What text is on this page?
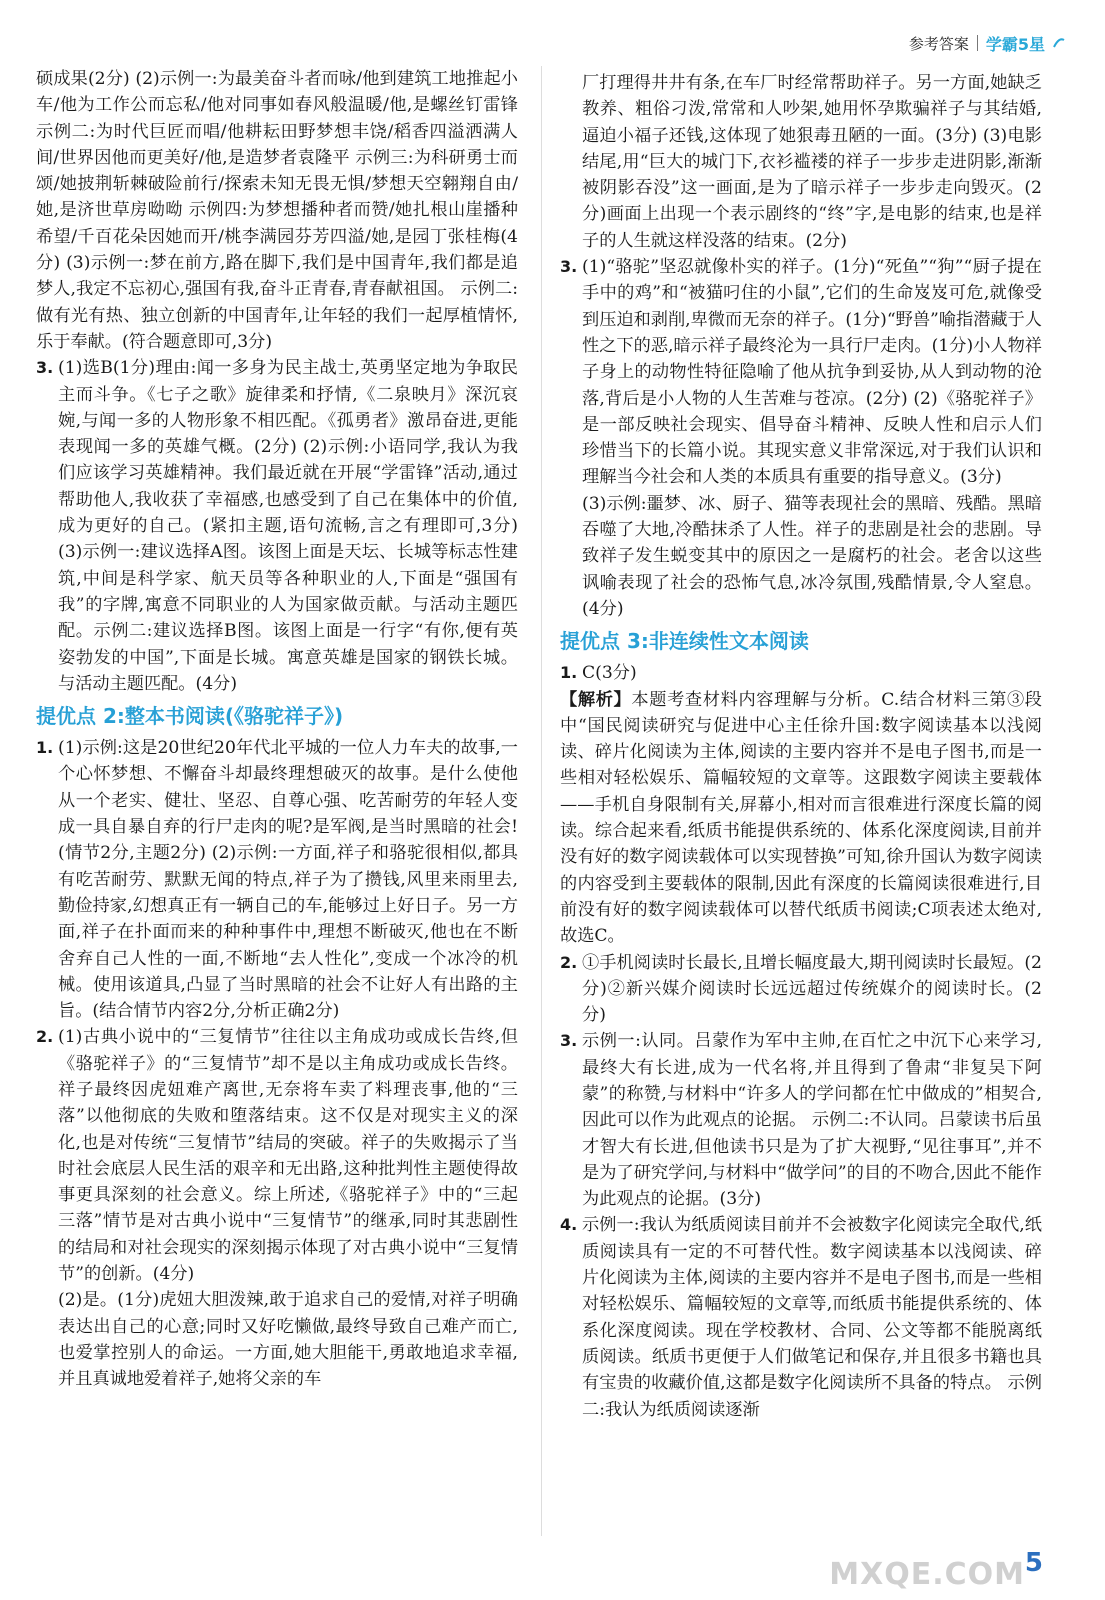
参考答案 学霸5星

硕成果(2分) (2)示例一:为最美奋斗者而咏/他到建筑工地推起小车/他为工作公而忘私/他对同事如春风般温暖/他,是螺丝钉雷锋 示例二:为时代巨匠而唱/他耕耘田野梦想丰饶/稻香四溢洒满人间/世界因他而更美好/他,是造梦者袁隆平 示例三:为科研勇士而颂/她披荆斩棘破险前行/探索未知无畏无惧/梦想天空翱翔自由/她,是济世草房呦呦 示例四:为梦想播种者而赞/她扎根山崖播种希望/千百花朵因她而开/桃李满园芬芳四溢/她,是园丁张桂梅(4分) (3)示例一:梦在前方,路在脚下,我们是中国青年,我们都是追梦人,我定不忘初心,强国有我,奋斗正青春,青春献祖国。 示例二:做有光有热、独立创新的中国青年,让年轻的我们一起厚植情怀,乐于奉献。(符合题意即可,3分)

3. (1)选B(1分)理由:闻一多身为民主战士,英勇坚定地为争取民主而斗争。《七子之歌》旋律柔和抒情,《二泉映月》深沉哀婉,与闻一多的人物形象不相匹配。《孤勇者》激昂奋进,更能表现闻一多的英雄气概。(2分) (2)示例:小语同学,我认为我们应该学习英雄精神。我们最近就在开展“学雷锋”活动,通过帮助他人,我收获了幸福感,也感受到了自己在集体中的价值,成为更好的自己。(紧扣主题,语句流畅,言之有理即可,3分) (3)示例一:建议选择A图。该图上面是天坛、长城等标志性建筑,中间是科学家、航天员等各种职业的人,下面是“强国有我”的字牌,寓意不同职业的人为国家做贡献。与活动主题匹配。示例二:建议选择B图。该图上面是一行字“有你,便有英姿勃发的中国”,下面是长城。寓意英雄是国家的钢铁长城。与活动主题匹配。(4分)

提优点 2:整本书阅读(《骆驼祥子》)
1. (1)示例:这是20世纪20年代北平城的一位人力车夫的故事,一个心怀梦想、不懈奋斗却最终理想破灭的故事。是什么使他从一个老实、健壮、坚忍、自尊心强、吃苦耐劳的年轻人变成一具自暴自弃的行尸走肉的呢?是军阀,是当时黑暗的社会!(情节2分,主题2分) (2)示例:一方面,祥子和骆驼很相似,都具有吃苦耐劳、默默无闻的特点,祥子为了攒钱,风里来雨里去,勤俭持家,幻想真正有一辆自己的车,能够过上好日子。另一方面,祥子在扑面而来的种种事件中,理想不断破灭,他也在不断舍弃自己人性的一面,不断地“去人性化”,变成一个冰冷的机械。使用该道具,凸显了当时黑暗的社会不让好人有出路的主旨。(结合情节内容2分,分析正确2分)

2. (1)古典小说中的“三复情节”往往以主角成功或成长告终,但《骆驼祥子》的“三复情节”却不是以主角成功或成长告终。祥子最终因虎妞难产离世,无奈将车卖了料理丧事,他的“三落”以他彻底的失败和堕落结束。这不仅是对现实主义的深化,也是对传统“三复情节”结局的突破。祥子的失败揭示了当时社会底层人民生活的艰辛和无出路,这种批判性主题使得故事更具深刻的社会意义。综上所述,《骆驼祥子》中的“三起三落”情节是对古典小说中“三复情节”的继承,同时其悲剧性的结局和对社会现实的深刻揭示体现了对古典小说中“三复情节”的创新。(4分)

(2)是。(1分)虎妞大胆泼辣,敢于追求自己的爱情,对祥子明确表达出自己的心意;同时又好吃懒做,最终导致自己难产而亡,也爱掌控别人的命运。一方面,她大胆能干,勇敢地追求幸福,并且真诚地爱着祥子,她将父亲的车

厂打理得井井有条,在车厂时经常帮助祥子。另一方面,她缺乏教养、粗俗刁泼,常常和人吵架,她用怀孕欺骗祥子与其结婚,逼迫小福子还钱,这体现了她狠毒丑陋的一面。(3分) (3)电影结尾,用“巨大的城门下,衣衫褴褛的祥子一步步走进阴影,渐渐被阴影吞没”这一画面,是为了暗示祥子一步步走向毁灭。(2分)画面上出现一个表示剧终的“终”字,是电影的结束,也是祥子的人生就这样没落的结束。(2分)

3. (1)“骆驼”坚忍就像朴实的祥子。(1分)“死鱼”“狗”“厨子提在手中的鸡”和“被猫叼住的小鼠”,它们的生命岌岌可危,就像受到压迫和剥削,卑微而无奈的祥子。(1分)“野兽”喻指潜藏于人性之下的恶,暗示祥子最终沦为一具行尸走肉。(1分)小人物祥子身上的动物性特征隐喻了他从抗争到妥协,从人到动物的沧落,背后是小人物的人生苦难与苍凉。(2分) (2)《骆驼祥子》是一部反映社会现实、倡导奋斗精神、反映人性和启示人们珍惜当下的长篇小说。其现实意义非常深远,对于我们认识和理解当今社会和人类的本质具有重要的指导意义。(3分)

(3)示例:噩梦、冰、厨子、猫等表现社会的黑暗、残酷。黑暗吞噬了大地,冷酷抹杀了人性。祥子的悲剧是社会的悲剧。导致祥子发生蜕变其中的原因之一是腐朽的社会。老舍以这些讽喻表现了社会的恐怖气息,冰冷氛围,残酷情景,令人窒息。(4分)

提优点 3:非连续性文本阅读
1. C(3分)

【解析】本题考查材料内容理解与分析。C.结合材料三第③段中“国民阅读研究与促进中心主任徐升国:数字阅读基本以浅阅读、碎片化阅读为主体,阅读的主要内容并不是电子图书,而是一些相对轻松娱乐、篇幅较短的文章等。这跟数字阅读主要载体——手机自身限制有关,屏幕小,相对而言很难进行深度长篇的阅读。综合起来看,纸质书能提供系统的、体系化深度阅读,目前并没有好的数字阅读载体可以实现替换”可知,徐升国认为数字阅读的内容受到主要载体的限制,因此有深度的长篇阅读很难进行,目前没有好的数字阅读载体可以替代纸质书阅读;C项表述太绝对,故选C。

2. ①手机阅读时长最长,且增长幅度最大,期刊阅读时长最短。(2分)②新兴媒介阅读时长远远超过传统媒介的阅读时长。(2分)

3. 示例一:认同。吕蒙作为军中主帅,在百忙之中沉下心来学习,最终大有长进,成为一代名将,并且得到了鲁肃“非复吴下阿蒙”的称赞,与材料中“许多人的学问都在忙中做成的”相契合,因此可以作为此观点的论据。 示例二:不认同。吕蒙读书后虽才智大有长进,但他读书只是为了扩大视野,“见往事耳”,并不是为了研究学问,与材料中“做学问”的目的不吻合,因此不能作为此观点的论据。(3分)

4. 示例一:我认为纸质阅读目前并不会被数字化阅读完全取代,纸质阅读具有一定的不可替代性。数字阅读基本以浅阅读、碎片化阅读为主体,阅读的主要内容并不是电子图书,而是一些相对轻松娱乐、篇幅较短的文章等,而纸质书能提供系统的、体系化深度阅读。现在学校教材、合同、公文等都不能脱离纸质阅读。纸质书更便于人们做笔记和保存,并且很多书籍也具有宝贵的收藏价值,这都是数字化阅读所不具备的特点。 示例二:我认为纸质阅读逐渐

MXQE.COM 5
